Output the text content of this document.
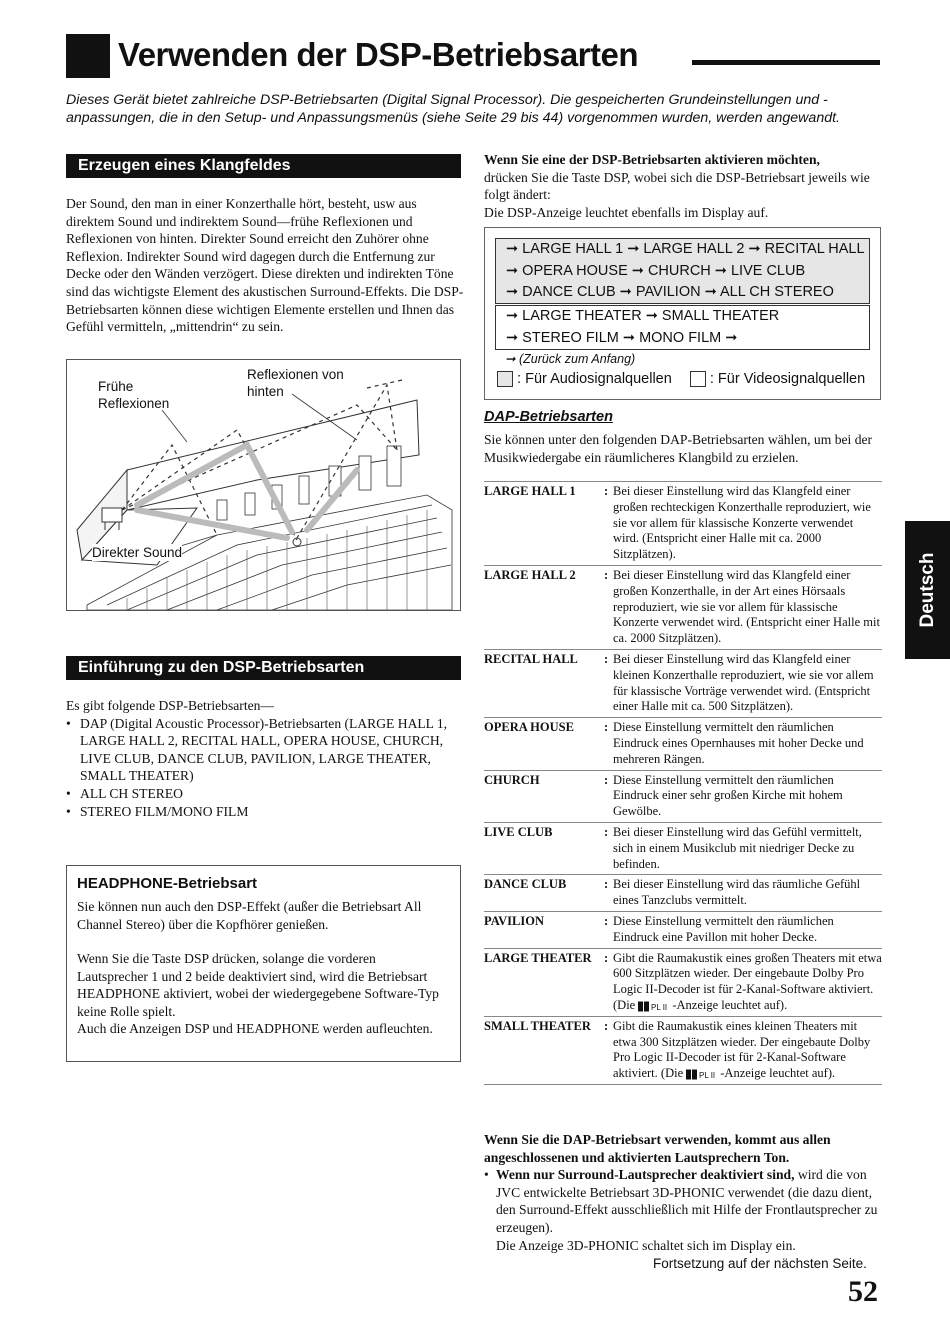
Verwenden der DSP-Betriebsarten
Dieses Gerät bietet zahlreiche DSP-Betriebsarten (Digital Signal Processor). Die gespeicherten Grundeinstellungen und -anpassungen, die in den Setup- und Anpassungsmenüs (siehe Seite 29 bis 44) vorgenommen wurden, werden angewandt.
Erzeugen eines Klangfeldes
Der Sound, den man in einer Konzerthalle hört, besteht, usw aus direktem Sound und indirektem Sound—frühe Reflexionen und Reflexionen von hinten. Direkter Sound erreicht den Zuhörer ohne Reflexion. Indirekter Sound wird dagegen durch die Entfernung zur Decke oder den Wänden verzögert. Diese direkten und indirekten Töne sind das wichtigste Element des akustischen Surround-Effekts. Die DSP-Betriebsarten können diese wichtigen Elemente erstellen und Ihnen das Gefühl vermitteln, „mittendrin“ zu sein.
Frühe
Reflexionen
Reflexionen von
hinten
Direkter Sound
Einführung zu den DSP-Betriebsarten
Es gibt folgende DSP-Betriebsarten—
• DAP (Digital Acoustic Processor)-Betriebsarten (LARGE HALL 1, LARGE HALL 2, RECITAL HALL, OPERA HOUSE, CHURCH, LIVE CLUB, DANCE CLUB, PAVILION, LARGE THEATER, SMALL THEATER)
• ALL CH STEREO
• STEREO FILM/MONO FILM
HEADPHONE-Betriebsart
Sie können nun auch den DSP-Effekt (außer die Betriebsart All Channel Stereo) über die Kopfhörer genießen.
Wenn Sie die Taste DSP drücken, solange die vorderen Lautsprecher 1 und 2 beide deaktiviert sind, wird die Betriebsart HEADPHONE aktiviert, wobei der wiedergegebene Software-Typ keine Rolle spielt.
Auch die Anzeigen DSP und HEADPHONE werden aufleuchten.
Wenn Sie eine der DSP-Betriebsarten aktivieren möchten,
drücken Sie die Taste DSP, wobei sich die DSP-Betriebsart jeweils wie folgt ändert:
Die DSP-Anzeige leuchtet ebenfalls im Display auf.
➞ LARGE HALL 1 ➞ LARGE HALL 2 ➞ RECITAL HALL
➞ OPERA HOUSE ➞ CHURCH ➞ LIVE CLUB
➞ DANCE CLUB ➞ PAVILION ➞ ALL CH STEREO
➞ LARGE THEATER ➞ SMALL THEATER
➞ STEREO FILM ➞ MONO FILM ➞
➞ (Zurück zum Anfang)
: Für Audiosignalquellen	: Für Videosignalquellen
DAP-Betriebsarten
Sie können unter den folgenden DAP-Betriebsarten wählen, um bei der Musikwiedergabe ein räumlicheres Klangbild zu erzielen.
LARGE HALL 1	: Bei dieser Einstellung wird das Klangfeld einer großen rechteckigen Konzerthalle reproduziert, wie sie vor allem für klassische Konzerte verwendet wird. (Entspricht einer Halle mit ca. 2000 Sitzplätzen).
LARGE HALL 2	: Bei dieser Einstellung wird das Klangfeld einer großen Konzerthalle, in der Art eines Hörsaals reproduziert, wie sie vor allem für klassische Konzerte verwendet wird. (Entspricht einer Halle mit ca. 2000 Sitzplätzen).
RECITAL HALL	: Bei dieser Einstellung wird das Klangfeld einer kleinen Konzerthalle reproduziert, wie sie vor allem für klassische Vorträge verwendet wird. (Entspricht einer Halle mit ca. 500 Sitzplätzen).
OPERA HOUSE	: Diese Einstellung vermittelt den räumlichen Eindruck eines Opernhauses mit hoher Decke und mehreren Rängen.
CHURCH	: Diese Einstellung vermittelt den räumlichen Eindruck einer sehr großen Kirche mit hohem Gewölbe.
LIVE CLUB	: Bei dieser Einstellung wird das Gefühl vermittelt, sich in einem Musikclub mit niedriger Decke zu befinden.
DANCE CLUB	: Bei dieser Einstellung wird das räumliche Gefühl eines Tanzclubs vermittelt.
PAVILION	: Diese Einstellung vermittelt den räumlichen Eindruck eine Pavillon mit hoher Decke.
LARGE THEATER : Gibt die Raumakustik eines großen Theaters mit etwa 600 Sitzplätzen wieder. Der eingebaute Dolby Pro Logic II-Decoder ist für 2-Kanal-Software aktiviert. (Die PL II -Anzeige leuchtet auf).
SMALL THEATER	: Gibt die Raumakustik eines kleinen Theaters mit etwa 300 Sitzplätzen wieder. Der eingebaute Dolby Pro Logic II-Decoder ist für 2-Kanal-Software aktiviert. (Die PL II -Anzeige leuchtet auf).
Wenn Sie die DAP-Betriebsart verwenden, kommt aus allen angeschlossenen und aktivierten Lautsprechern Ton.
• Wenn nur Surround-Lautsprecher deaktiviert sind, wird die von JVC entwickelte Betriebsart 3D-PHONIC verwendet (die dazu dient, den Surround-Effekt ausschließlich mit Hilfe der Frontlautsprecher zu erzeugen).
Die Anzeige 3D-PHONIC schaltet sich im Display ein.
Fortsetzung auf der nächsten Seite.
52
Deutsch
